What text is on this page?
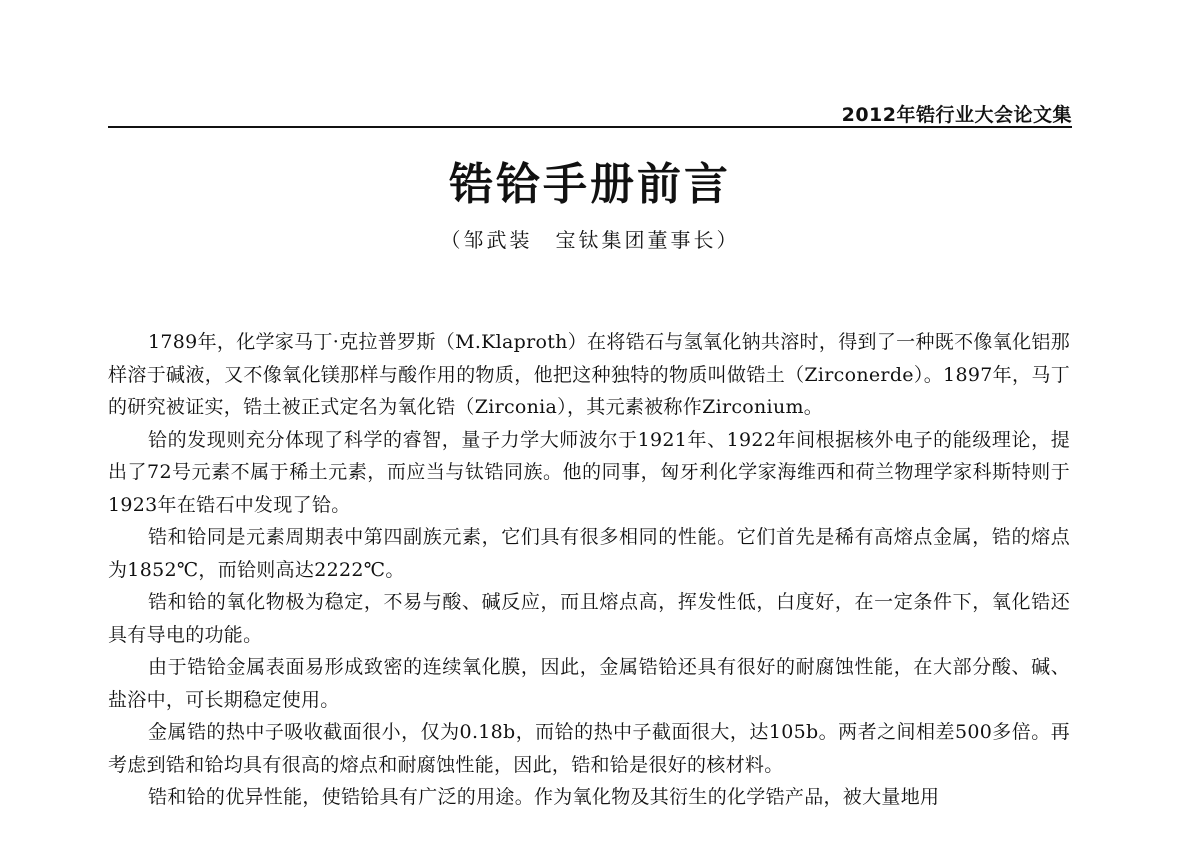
2012年锆行业大会论文集
锆铪手册前言
（邹武装　宝钛集团董事长）

1789年，化学家马丁·克拉普罗斯（M.Klaproth）在将锆石与氢氧化钠共溶时，得到了一种既不像氧化铝那样溶于碱液，又不像氧化镁那样与酸作用的物质，他把这种独特的物质叫做锆土（Zirconerde）。1897年，马丁的研究被证实，锆土被正式定名为氧化锆（Zirconia），其元素被称作Zirconium。

铪的发现则充分体现了科学的睿智，量子力学大师波尔于1921年、1922年间根据核外电子的能级理论，提出了72号元素不属于稀土元素，而应当与钛锆同族。他的同事，匈牙利化学家海维西和荷兰物理学家科斯特则于1923年在锆石中发现了铪。

锆和铪同是元素周期表中第四副族元素，它们具有很多相同的性能。它们首先是稀有高熔点金属，锆的熔点为1852℃，而铪则高达2222℃。

锆和铪的氧化物极为稳定，不易与酸、碱反应，而且熔点高，挥发性低，白度好，在一定条件下，氧化锆还具有导电的功能。

由于锆铪金属表面易形成致密的连续氧化膜，因此，金属锆铪还具有很好的耐腐蚀性能，在大部分酸、碱、盐浴中，可长期稳定使用。

金属锆的热中子吸收截面很小，仅为0.18b，而铪的热中子截面很大，达105b。两者之间相差500多倍。再考虑到锆和铪均具有很高的熔点和耐腐蚀性能，因此，锆和铪是很好的核材料。

锆和铪的优异性能，使锆铪具有广泛的用途。作为氧化物及其衍生的化学锆产品，被大量地用
